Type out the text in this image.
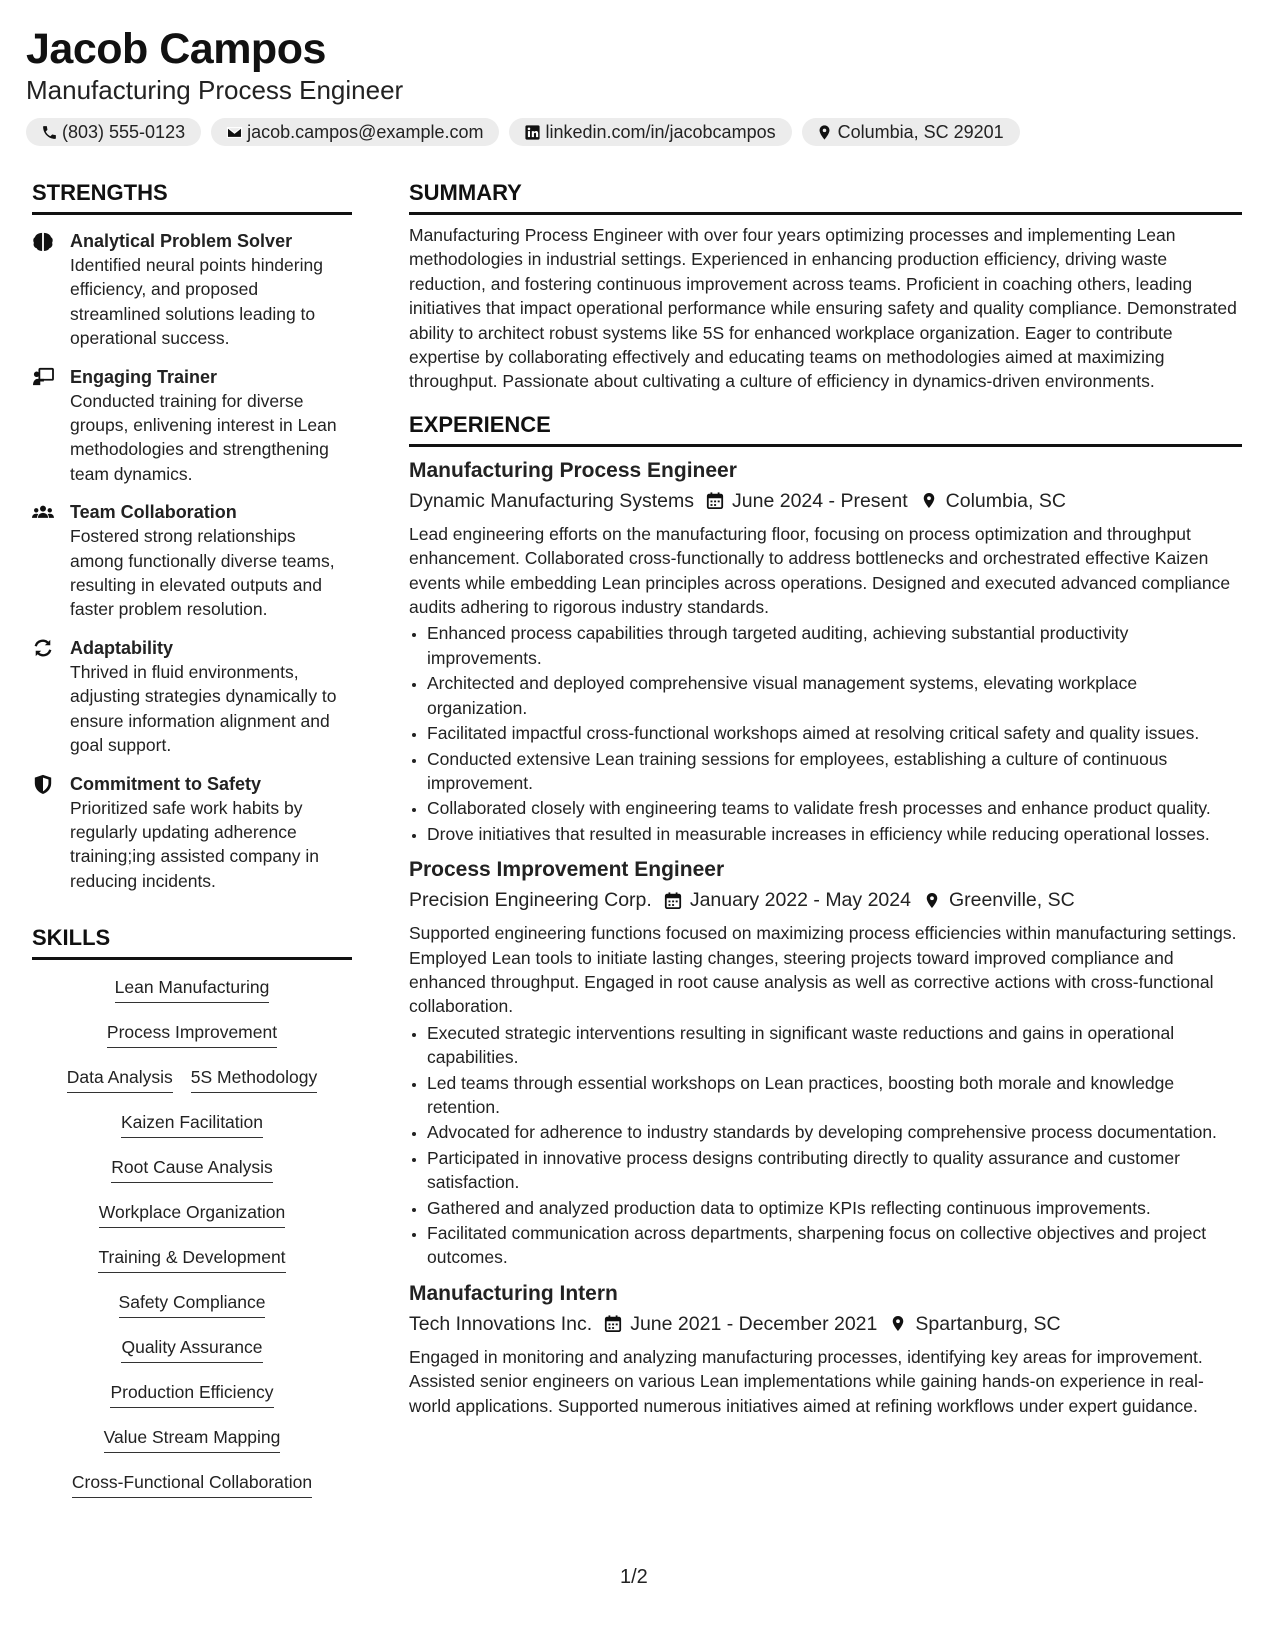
Jacob Campos
Manufacturing Process Engineer
(803) 555-0123	jacob.campos@example.com	linkedin.com/in/jacobcampos	Columbia, SC 29201
STRENGTHS
Analytical Problem Solver
Identified neural points hindering efficiency, and proposed streamlined solutions leading to operational success.
Engaging Trainer
Conducted training for diverse groups, enlivening interest in Lean methodologies and strengthening team dynamics.
Team Collaboration
Fostered strong relationships among functionally diverse teams, resulting in elevated outputs and faster problem resolution.
Adaptability
Thrived in fluid environments, adjusting strategies dynamically to ensure information alignment and goal support.
Commitment to Safety
Prioritized safe work habits by regularly updating adherence training;ing assisted company in reducing incidents.
SKILLS
Lean Manufacturing
Process Improvement
Data Analysis 5S Methodology
Kaizen Facilitation
Root Cause Analysis
Workplace Organization
Training & Development
Safety Compliance
Quality Assurance
Production Efficiency
Value Stream Mapping
Cross-Functional Collaboration
SUMMARY
Manufacturing Process Engineer with over four years optimizing processes and implementing Lean methodologies in industrial settings. Experienced in enhancing production efficiency, driving waste reduction, and fostering continuous improvement across teams. Proficient in coaching others, leading initiatives that impact operational performance while ensuring safety and quality compliance. Demonstrated ability to architect robust systems like 5S for enhanced workplace organization. Eager to contribute expertise by collaborating effectively and educating teams on methodologies aimed at maximizing throughput. Passionate about cultivating a culture of efficiency in dynamics-driven environments.
EXPERIENCE
Manufacturing Process Engineer
Dynamic Manufacturing Systems June 2024 - Present Columbia, SC
Lead engineering efforts on the manufacturing floor, focusing on process optimization and throughput enhancement. Collaborated cross-functionally to address bottlenecks and orchestrated effective Kaizen events while embedding Lean principles across operations. Designed and executed advanced compliance audits adhering to rigorous industry standards.
• Enhanced process capabilities through targeted auditing, achieving substantial productivity improvements.
• Architected and deployed comprehensive visual management systems, elevating workplace organization.
• Facilitated impactful cross-functional workshops aimed at resolving critical safety and quality issues.
• Conducted extensive Lean training sessions for employees, establishing a culture of continuous improvement.
• Collaborated closely with engineering teams to validate fresh processes and enhance product quality.
• Drove initiatives that resulted in measurable increases in efficiency while reducing operational losses.
Process Improvement Engineer
Precision Engineering Corp. January 2022 - May 2024 Greenville, SC
Supported engineering functions focused on maximizing process efficiencies within manufacturing settings. Employed Lean tools to initiate lasting changes, steering projects toward improved compliance and enhanced throughput. Engaged in root cause analysis as well as corrective actions with cross-functional collaboration.
• Executed strategic interventions resulting in significant waste reductions and gains in operational capabilities.
• Led teams through essential workshops on Lean practices, boosting both morale and knowledge retention.
• Advocated for adherence to industry standards by developing comprehensive process documentation.
• Participated in innovative process designs contributing directly to quality assurance and customer satisfaction.
• Gathered and analyzed production data to optimize KPIs reflecting continuous improvements.
• Facilitated communication across departments, sharpening focus on collective objectives and project outcomes.
Manufacturing Intern
Tech Innovations Inc. June 2021 - December 2021 Spartanburg, SC
Engaged in monitoring and analyzing manufacturing processes, identifying key areas for improvement. Assisted senior engineers on various Lean implementations while gaining hands-on experience in real-world applications. Supported numerous initiatives aimed at refining workflows under expert guidance.
1/2
